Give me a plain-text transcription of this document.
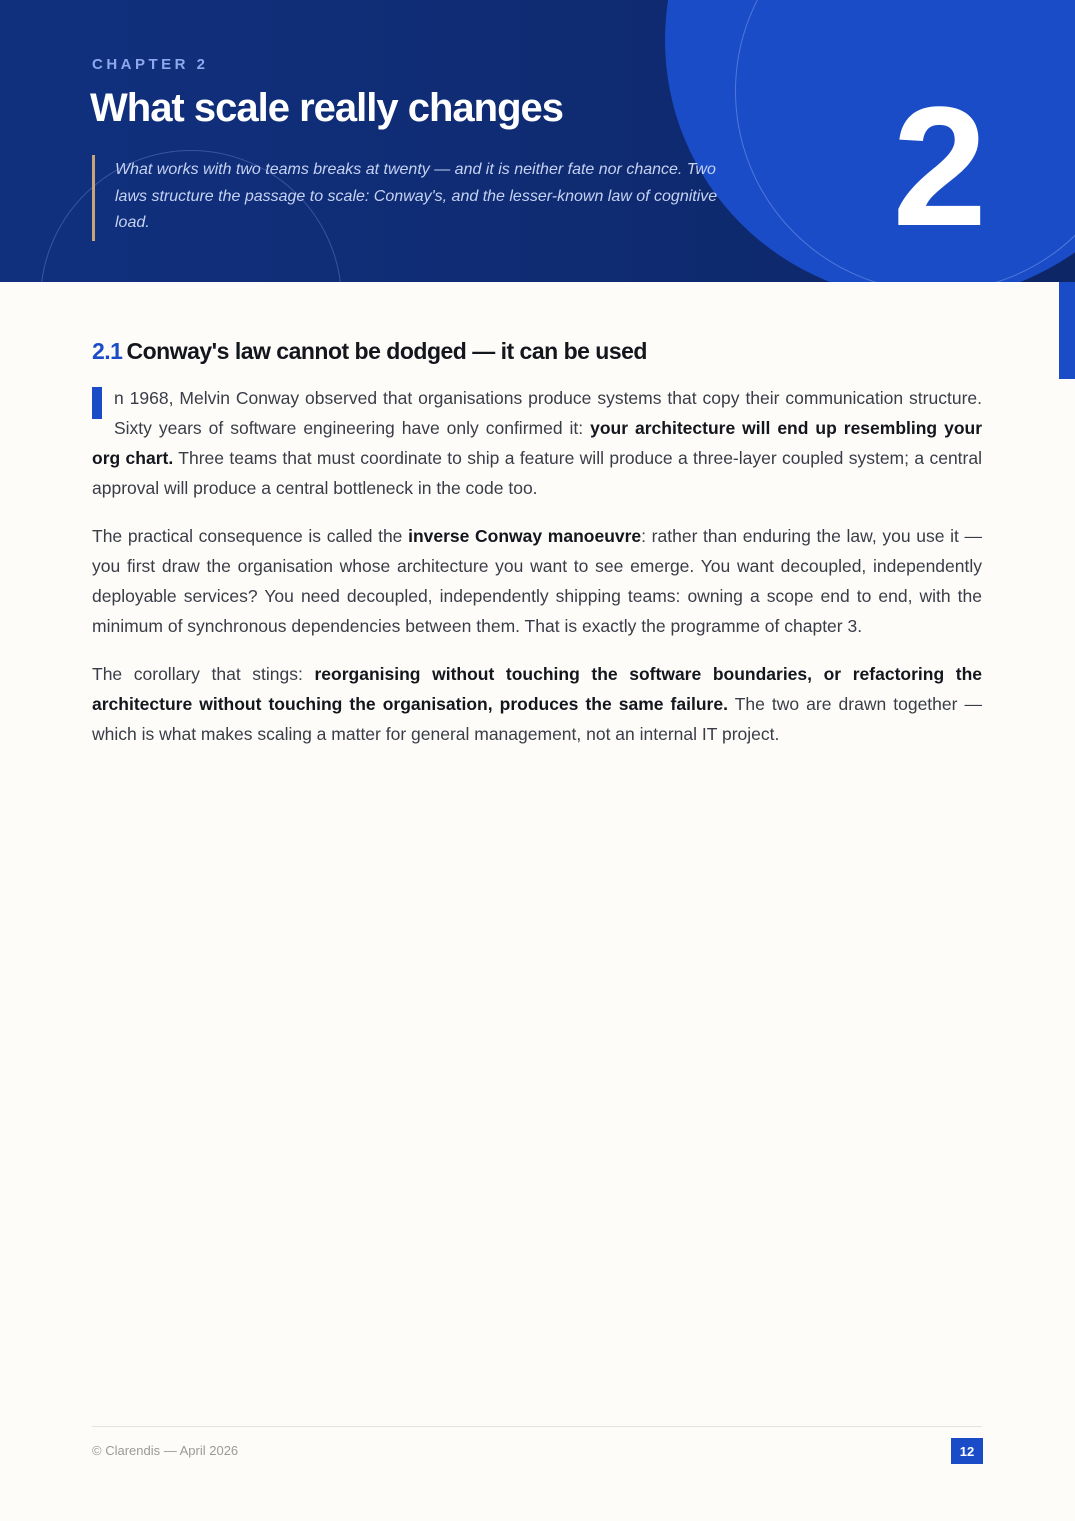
CHAPTER 2
What scale really changes
What works with two teams breaks at twenty — and it is neither fate nor chance. Two laws structure the passage to scale: Conway's, and the lesser-known law of cognitive load.	2
2.1 Conway's law cannot be dodged — it can be used

n 1968, Melvin Conway observed that organisations produce systems that copy their communication structure. Sixty years of software engineering have only confirmed it: your architecture will end up resembling your org chart. Three teams that must coordinate to ship a feature will produce a three-layer coupled system; a central approval will produce a central bottleneck in the code too.

The practical consequence is called the inverse Conway manoeuvre: rather than enduring the law, you use it — you first draw the organisation whose architecture you want to see emerge. You want decoupled, independently deployable services? You need decoupled, independently shipping teams: owning a scope end to end, with the minimum of synchronous dependencies between them. That is exactly the programme of chapter 3.

The corollary that stings: reorganising without touching the software boundaries, or refactoring the architecture without touching the organisation, produces the same failure. The two are drawn together — which is what makes scaling a matter for general management, not an internal IT project.

© Clarendis — April 2026	12
